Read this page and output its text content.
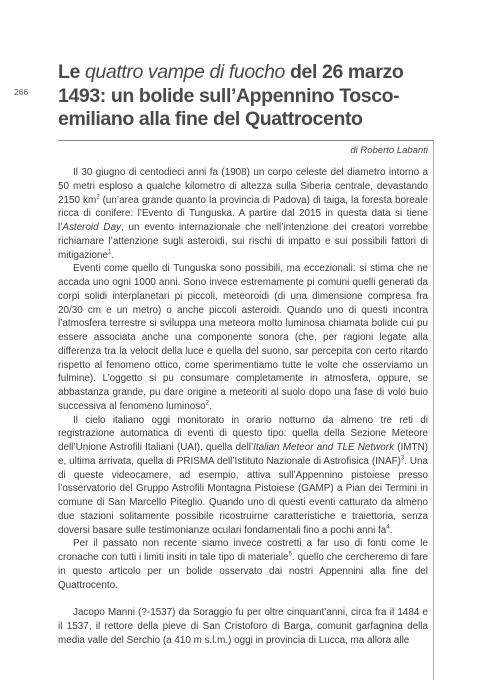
266
Le quattro vampe di fuocho del 26 marzo 1493: un bolide sull’Appennino Tosco-emiliano alla fine del Quattrocento
di Roberto Labanti

Il 30 giugno di centodieci anni fa (1908) un corpo celeste del diametro intorno a 50 metri esploso a qualche kilometro di altezza sulla Siberia centrale, devastando 2150 $km^2$ (un’area grande quanto la provincia di Padova) di taiga, la foresta boreale ricca di conifere: l’Evento di Tunguska. A partire dal 2015 in questa data si tiene l’Asteroid Day, un evento internazionale che nell’intenzione dei creatori vorrebbe richiamare l’attenzione sugli asteroidi, sui rischi di impatto e sui possibili fattori di mitigazione$^1$.

Eventi come quello di Tunguska sono possibili, ma eccezionali: si stima che ne accada uno ogni 1000 anni. Sono invece estremamente pi comuni quelli generati da corpi solidi interplanetari pi piccoli, meteoroidi (di una dimensione compresa fra 20/30 cm e un metro) o anche piccoli asteroidi. Quando uno di questi incontra l’atmosfera terrestre si sviluppa una meteora molto luminosa chiamata bolide cui pu essere associata anche una componente sonora (che, per ragioni legate alla differenza tra la velocit della luce e quella del suono, sar percepita con certo ritardo rispetto al fenomeno ottico, come sperimentiamo tutte le volte che osserviamo un fulmine). L’oggetto si pu consumare completamente in atmosfera, oppure, se abbastanza grande, pu dare origine a meteoriti al suolo dopo una fase di volo buio successiva al fenomeno luminoso$^2$.

Il cielo italiano oggi monitorato in orario notturno da almeno tre reti di registrazione automatica di eventi di questo tipo: quella della Sezione Meteore dell’Unione Astrofili Italiani (UAI), quella dell’Italian Meteor and TLE Network (IMTN) e, ultima arrivata, quella di PRISMA dell’Istituto Nazionale di Astrofisica (INAF)$^3$. Una di queste videocamere, ad esempio, attiva sull’Appennino pistoiese presso l’osservatorio del Gruppo Astrofili Montagna Pistoiese (GAMP) a Pian dei Termini in comune di San Marcello Piteglio. Quando uno di questi eventi catturato da almeno due stazioni solitamente possibile ricostruirne caratteristiche e traiettoria, senza doversi basare sulle testimonianze oculari fondamentali fino a pochi anni $fa^4$.

Per il passato non recente siamo invece costretti a far uso di fonti come le cronache con tutti i limiti insiti in tale tipo di materiale$^5$. quello che cercheremo di fare in questo articolo per un bolide osservato dai nostri Appennini alla fine del Quattrocento.

Jacopo Manni (?-1537) da Soraggio fu per oltre cinquant’anni, circa fra il 1484 e il 1537, il rettore della pieve di San Cristoforo di Barga, comunit garfagnina della media valle del Serchio (a 410 m s.l.m.) oggi in provincia di Lucca, ma allora alle
